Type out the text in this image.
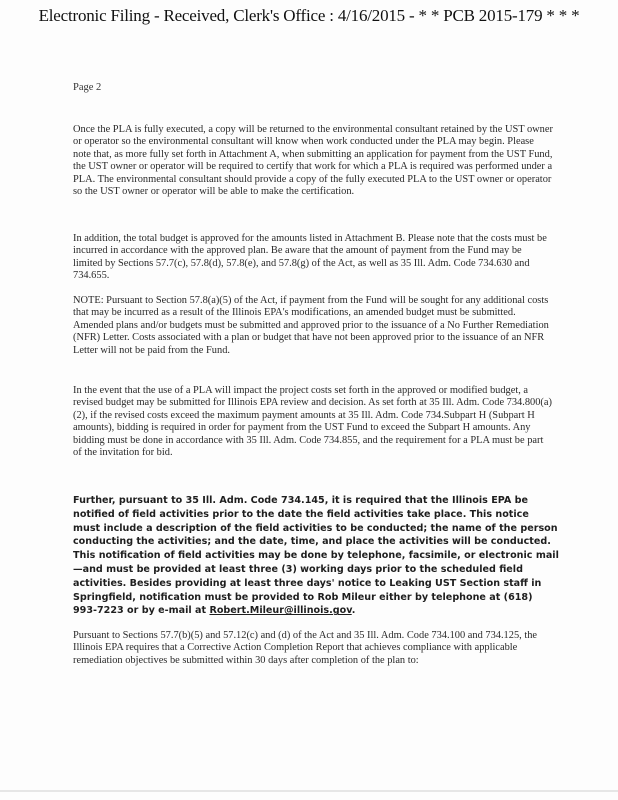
Electronic Filing - Received, Clerk's Office : 4/16/2015 - * * PCB 2015-179 * * *
Page 2

Once the PLA is fully executed, a copy will be returned to the environmental consultant retained by the UST owner or operator so the environmental consultant will know when work conducted under the PLA may begin. Please note that, as more fully set forth in Attachment A, when submitting an application for payment from the UST Fund, the UST owner or operator will be required to certify that work for which a PLA is required was performed under a PLA. The environmental consultant should provide a copy of the fully executed PLA to the UST owner or operator so the UST owner or operator will be able to make the certification.

In addition, the total budget is approved for the amounts listed in Attachment B. Please note that the costs must be incurred in accordance with the approved plan. Be aware that the amount of payment from the Fund may be limited by Sections 57.7(c), 57.8(d), 57.8(e), and 57.8(g) of the Act, as well as 35 Ill. Adm. Code 734.630 and 734.655.

NOTE: Pursuant to Section 57.8(a)(5) of the Act, if payment from the Fund will be sought for any additional costs that may be incurred as a result of the Illinois EPA's modifications, an amended budget must be submitted. Amended plans and/or budgets must be submitted and approved prior to the issuance of a No Further Remediation (NFR) Letter. Costs associated with a plan or budget that have not been approved prior to the issuance of an NFR Letter will not be paid from the Fund.

In the event that the use of a PLA will impact the project costs set forth in the approved or modified budget, a revised budget may be submitted for Illinois EPA review and decision. As set forth at 35 Ill. Adm. Code 734.800(a)(2), if the revised costs exceed the maximum payment amounts at 35 Ill. Adm. Code 734.Subpart H (Subpart H amounts), bidding is required in order for payment from the UST Fund to exceed the Subpart H amounts. Any bidding must be done in accordance with 35 Ill. Adm. Code 734.855, and the requirement for a PLA must be part of the invitation for bid.

Further, pursuant to 35 Ill. Adm. Code 734.145, it is required that the Illinois EPA be notified of field activities prior to the date the field activities take place. This notice must include a description of the field activities to be conducted; the name of the person conducting the activities; and the date, time, and place the activities will be conducted. This notification of field activities may be done by telephone, facsimile, or electronic mail—and must be provided at least three (3) working days prior to the scheduled field activities. Besides providing at least three days' notice to Leaking UST Section staff in Springfield, notification must be provided to Rob Mileur either by telephone at (618) 993-7223 or by e-mail at Robert.Mileur@illinois.gov.

Pursuant to Sections 57.7(b)(5) and 57.12(c) and (d) of the Act and 35 Ill. Adm. Code 734.100 and 734.125, the Illinois EPA requires that a Corrective Action Completion Report that achieves compliance with applicable remediation objectives be submitted within 30 days after completion of the plan to:
